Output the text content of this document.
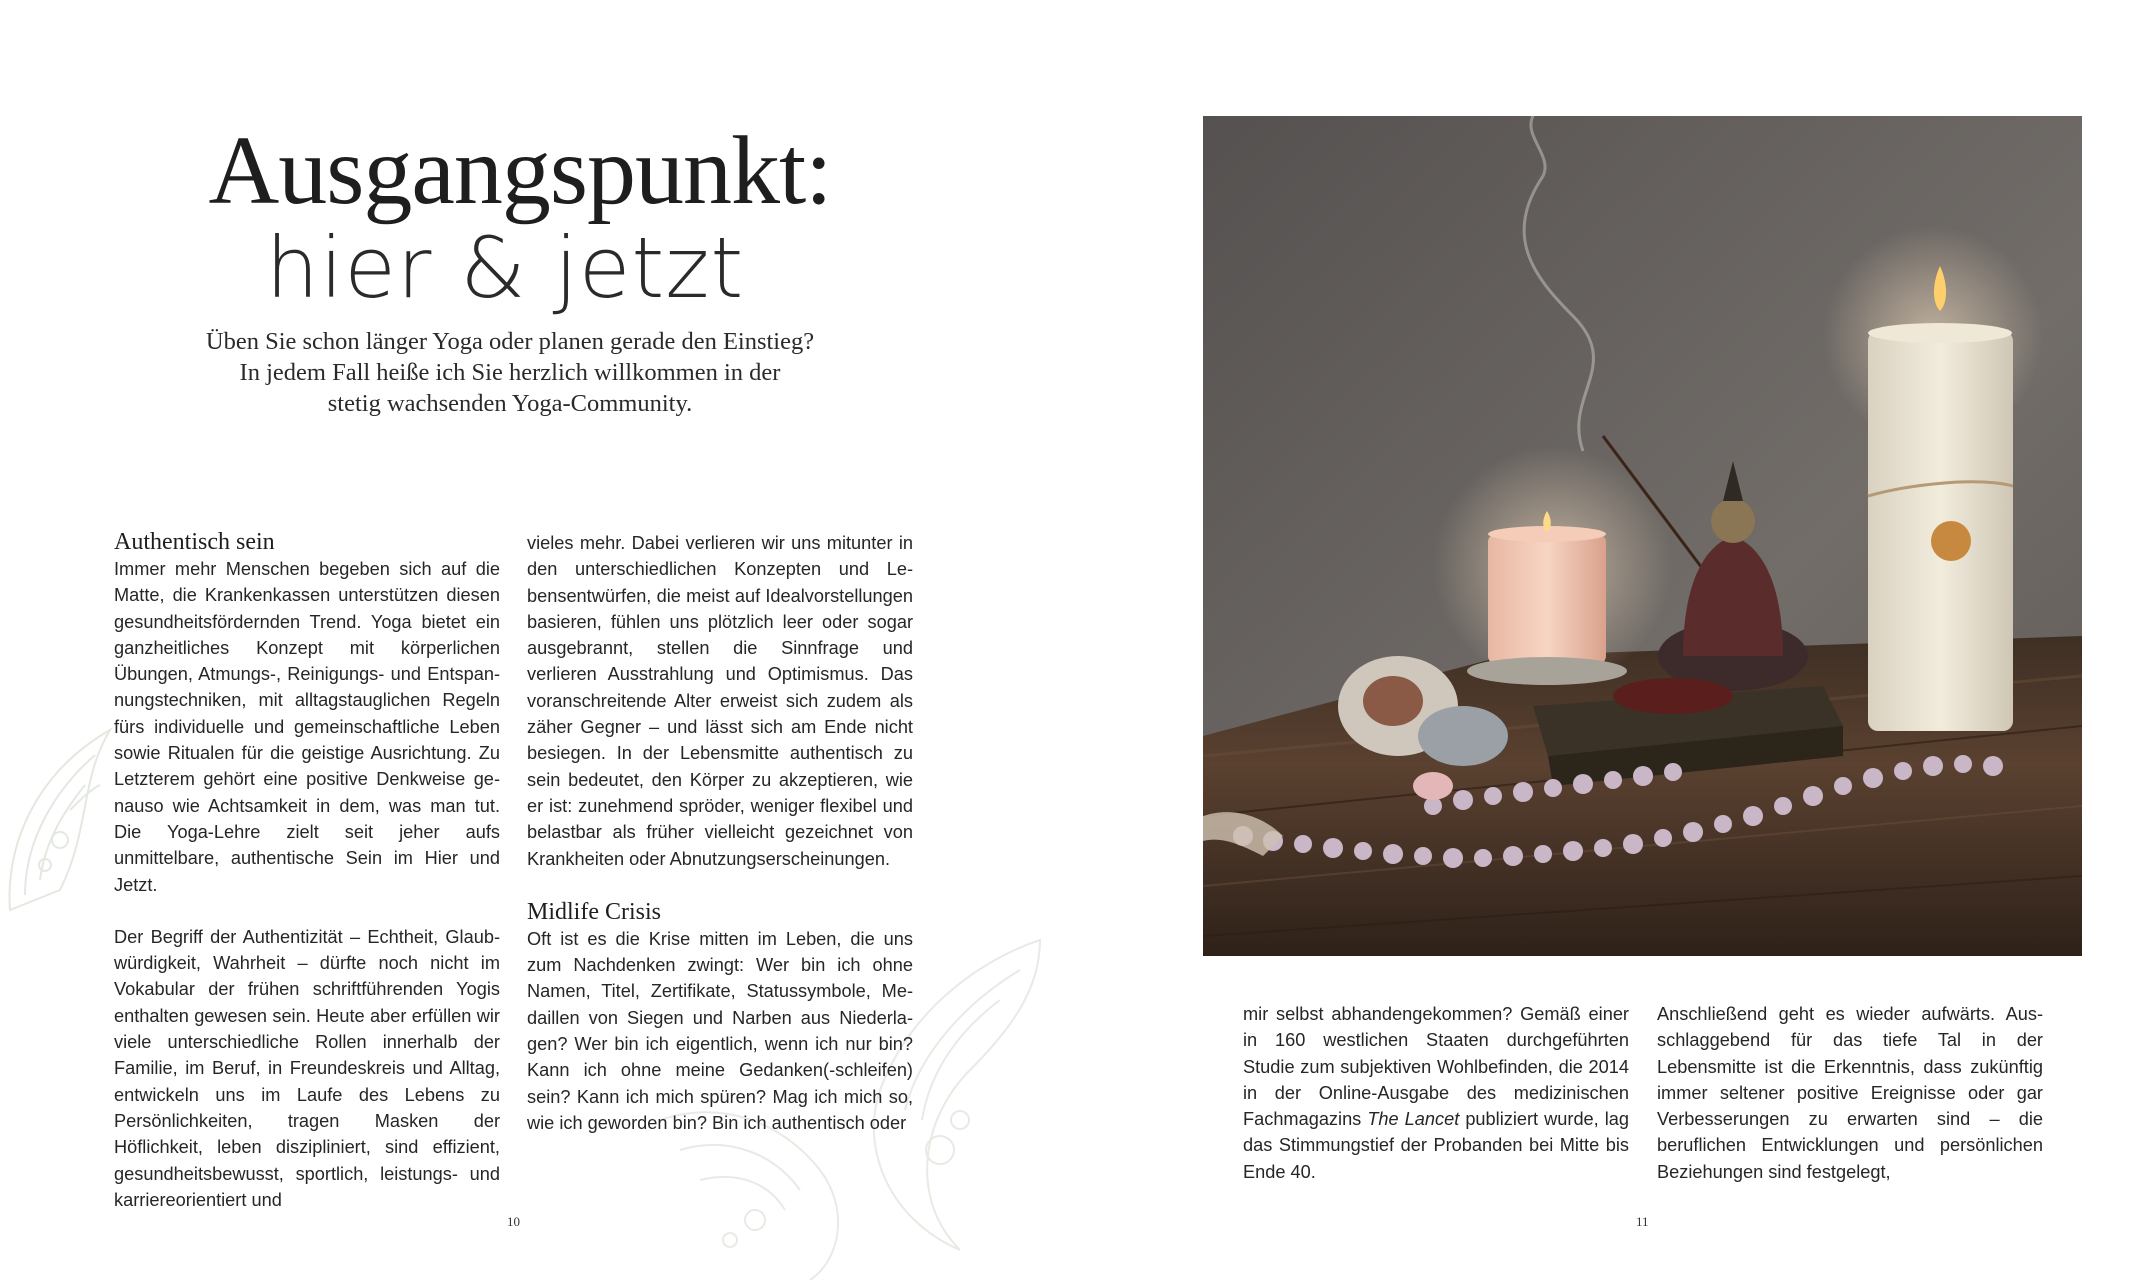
Ausgangspunkt:
hier & jetzt
Üben Sie schon länger Yoga oder planen gerade den Einstieg?
In jedem Fall heiße ich Sie herzlich willkommen in der
stetig wachsenden Yoga-Community.
Authentisch sein

Immer mehr Menschen begeben sich auf die Matte, die Krankenkassen unterstützen diesen gesundheitsfördernden Trend. Yoga bietet ein ganzheitliches Konzept mit körperlichen Übungen, Atmungs-, Reinigungs- und Entspannungstechniken, mit alltagstauglichen Regeln fürs individuelle und gemeinschaftliche Leben sowie Ritualen für die geistige Ausrichtung. Zu Letzterem gehört eine positive Denkweise genauso wie Achtsamkeit in dem, was man tut. Die Yoga-Lehre zielt seit jeher aufs unmittelbare, authentische Sein im Hier und Jetzt.

Der Begriff der Authentizität – Echtheit, Glaubwürdigkeit, Wahrheit – dürfte noch nicht im Vokabular der frühen schriftführenden Yogis enthalten gewesen sein. Heute aber erfüllen wir viele unterschiedliche Rollen innerhalb der Familie, im Beruf, in Freundeskreis und Alltag, entwickeln uns im Laufe des Lebens zu Persönlichkeiten, tragen Masken der Höflichkeit, leben diszipliniert, sind effizient, gesundheitsbewusst, sportlich, leistungs- und karriereorientiert und

vieles mehr. Dabei verlieren wir uns mitunter in den unterschiedlichen Konzepten und Lebensentwürfen, die meist auf Idealvorstellungen basieren, fühlen uns plötzlich leer oder sogar ausgebrannt, stellen die Sinnfrage und verlieren Ausstrahlung und Optimismus. Das voranschreitende Alter erweist sich zudem als zäher Gegner – und lässt sich am Ende nicht besiegen. In der Lebensmitte authentisch zu sein bedeutet, den Körper zu akzeptieren, wie er ist: zunehmend spröder, weniger flexibel und belastbar als früher vielleicht gezeichnet von Krankheiten oder Abnutzungserscheinungen.

Midlife Crisis

Oft ist es die Krise mitten im Leben, die uns zum Nachdenken zwingt: Wer bin ich ohne Namen, Titel, Zertifikate, Statussymbole, Medaillen von Siegen und Narben aus Niederlagen? Wer bin ich eigentlich, wenn ich nur bin? Kann ich ohne meine Gedanken(-schleifen) sein? Kann ich mich spüren? Mag ich mich so, wie ich geworden bin? Bin ich authentisch oder

10

mir selbst abhandengekommen? Gemäß einer in 160 westlichen Staaten durchgeführten Studie zum subjektiven Wohlbefinden, die 2014 in der Online-Ausgabe des medizinischen Fachmagazins The Lancet publiziert wurde, lag das Stimmungstief der Probanden bei Mitte bis Ende 40.

Anschließend geht es wieder aufwärts. Ausschlaggebend für das tiefe Tal in der Lebensmitte ist die Erkenntnis, dass zukünftig immer seltener positive Ereignisse oder gar Verbesserungen zu erwarten sind – die beruflichen Entwicklungen und persönlichen Beziehungen sind festgelegt,

11
